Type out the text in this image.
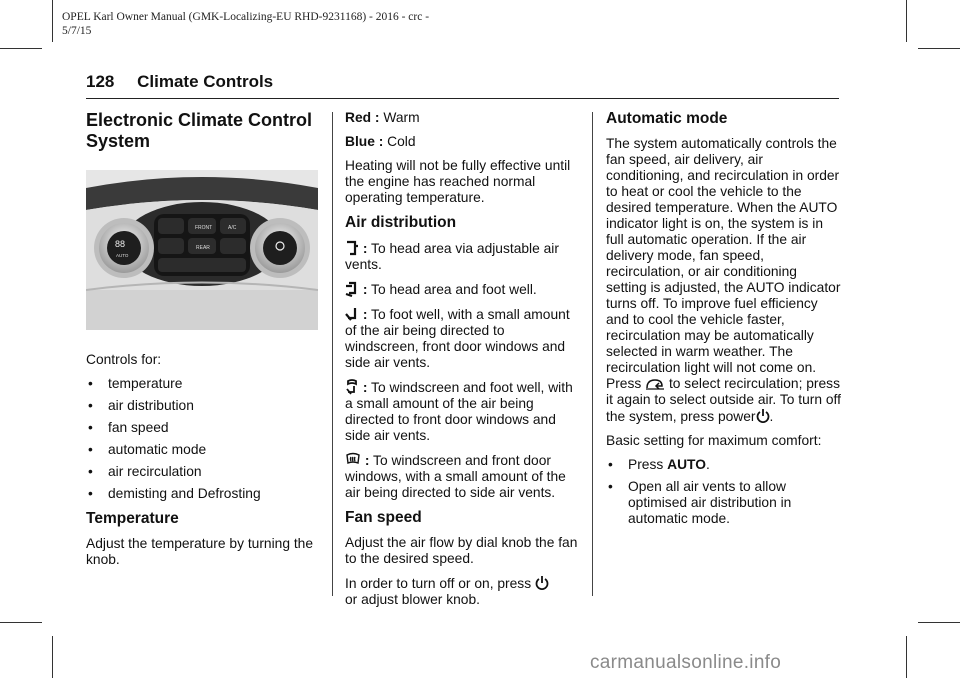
OPEL Karl Owner Manual (GMK-Localizing-EU RHD-9231168) - 2016 - crc -
5/7/15
128 Climate Controls
Electronic Climate Control System
FRONT	A/C
REAR
88
AUTO

Controls for:

• temperature
• air distribution
• fan speed
• automatic mode
• air recirculation
• demisting and Defrosting
Temperature

Adjust the temperature by turning the knob.

Red : Warm

Blue : Cold

Heating will not be fully effective until the engine has reached normal operating temperature.

Air distribution

: To head area via adjustable air vents.

: To head area and foot well.

: To foot well, with a small amount of the air being directed to windscreen, front door windows and side air vents.

: To windscreen and foot well, with a small amount of the air being directed to front door windows and side air vents.

: To windscreen and front door windows, with a small amount of the air being directed to side air vents.

Fan speed

Adjust the air flow by dial knob the fan to the desired speed.

In order to turn off or on, press
or adjust blower knob.

Automatic mode

The system automatically controls the fan speed, air delivery, air conditioning, and recirculation in order to heat or cool the vehicle to the desired temperature. When the AUTO indicator light is on, the system is in full automatic operation. If the air delivery mode, fan speed, recirculation, or air conditioning setting is adjusted, the AUTO indicator turns off. To improve fuel efficiency and to cool the vehicle faster, recirculation may be automatically selected in warm weather. The recirculation light will not come on. Press to select recirculation; press it again to select outside air. To turn off the system, press power .

Basic setting for maximum comfort:

• Press AUTO.
• Open all air vents to allow optimised air distribution in automatic mode.
carmanualsonline.info
